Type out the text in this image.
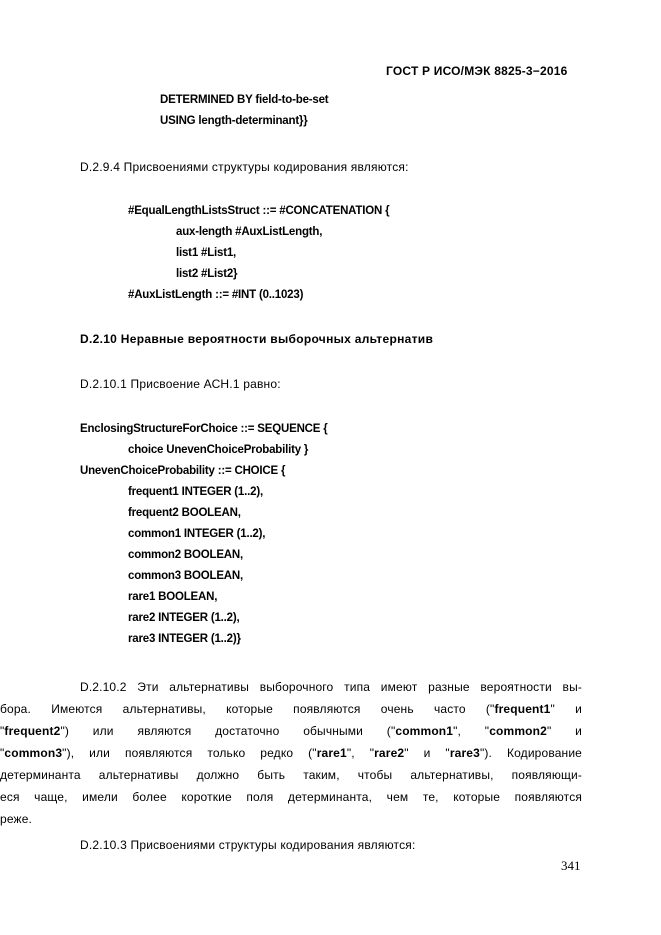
ГОСТ Р ИСО/МЭК 8825-3−2016
DETERMINED BY field-to-be-set
USING length-determinant}}
D.2.9.4 Присвоениями структуры кодирования являются:
#EqualLengthListsStruct ::= #CONCATENATION {
aux-length #AuxListLength,
list1 #List1,
list2 #List2}
#AuxListLength ::= #INT (0..1023)
D.2.10 Неравные вероятности выборочных альтернатив
D.2.10.1 Присвоение АСН.1 равно:
EnclosingStructureForChoice ::= SEQUENCE {
choice UnevenChoiceProbability }
UnevenChoiceProbability ::= CHOICE {
frequent1 INTEGER (1..2),
frequent2 BOOLEAN,
common1 INTEGER (1..2),
common2 BOOLEAN,
common3 BOOLEAN,
rare1 BOOLEAN,
rare2 INTEGER (1..2),
rare3 INTEGER (1..2)}
D.2.10.2 Эти альтернативы выборочного типа имеют разные вероятности вы-
бора. Имеются альтернативы, которые появляются очень часто ("frequent1" и
"frequent2") или являются достаточно обычными ("common1", "common2" и
"common3"), или появляются только редко ("rare1", "rare2" и "rare3"). Кодирование
детерминанта альтернативы должно быть таким, чтобы альтернативы, появляющи-
еся чаще, имели более короткие поля детерминанта, чем те, которые появляются
реже.
D.2.10.3 Присвоениями структуры кодирования являются:
341
